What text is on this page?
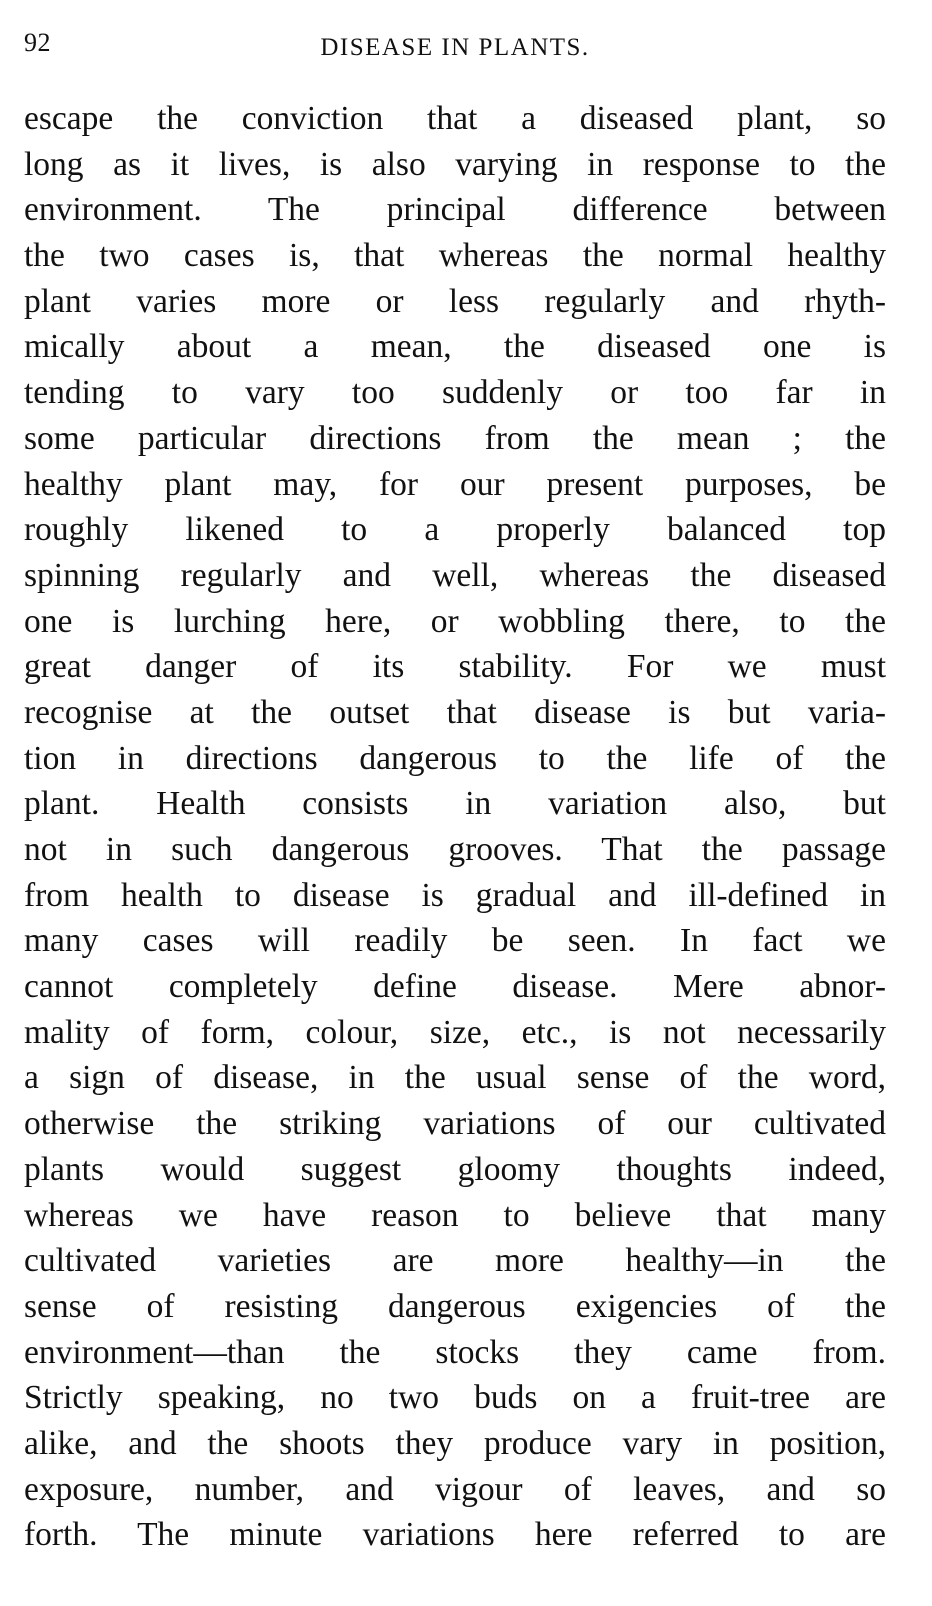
92	DISEASE IN PLANTS.
escape the conviction that a diseased plant, so
long as it lives, is also varying in response to the
environment. The principal difference between
the two cases is, that whereas the normal healthy
plant varies more or less regularly and rhyth-
mically about a mean, the diseased one is
tending to vary too suddenly or too far in
some particular directions from the mean ; the
healthy plant may, for our present purposes, be
roughly likened to a properly balanced top
spinning regularly and well, whereas the diseased
one is lurching here, or wobbling there, to the
great danger of its stability. For we must
recognise at the outset that disease is but varia-
tion in directions dangerous to the life of the
plant. Health consists in variation also, but
not in such dangerous grooves. That the passage
from health to disease is gradual and ill-defined in
many cases will readily be seen. In fact we
cannot completely define disease. Mere abnor-
mality of form, colour, size, etc., is not necessarily
a sign of disease, in the usual sense of the word,
otherwise the striking variations of our cultivated
plants would suggest gloomy thoughts indeed,
whereas we have reason to believe that many
cultivated varieties are more healthy—in the
sense of resisting dangerous exigencies of the
environment—than the stocks they came from.
Strictly speaking, no two buds on a fruit-tree are
alike, and the shoots they produce vary in position,
exposure, number, and vigour of leaves, and so
forth. The minute variations here referred to are
